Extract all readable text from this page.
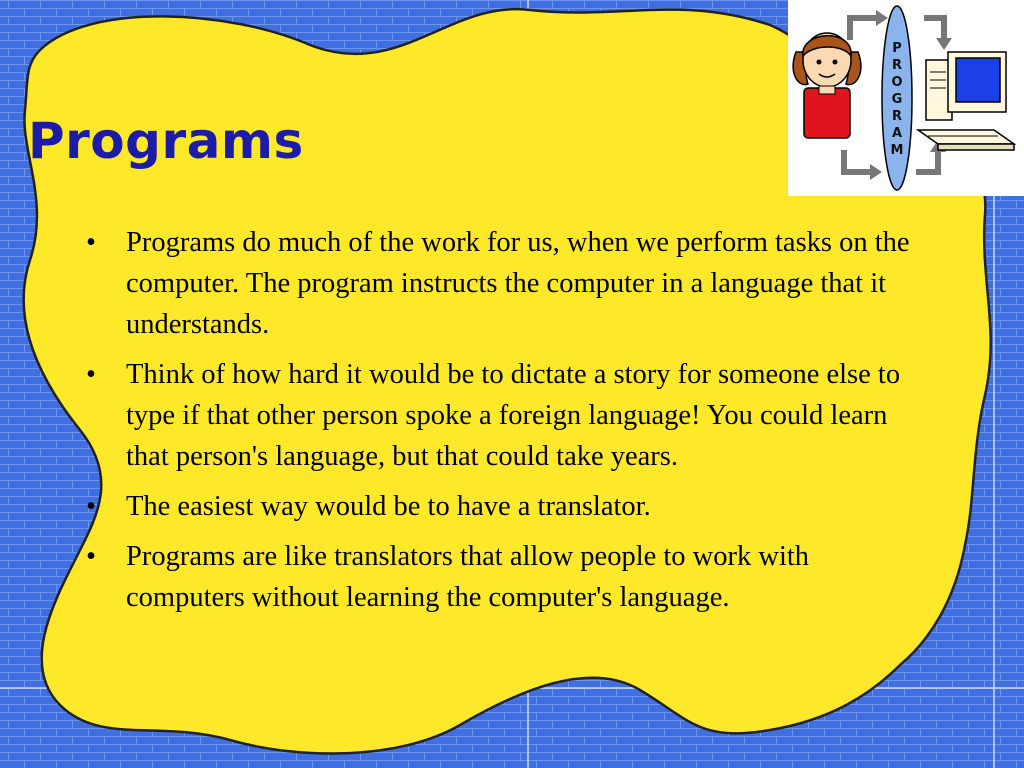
Programs
• Programs do much of the work for us, when we perform tasks on the computer. The program instructs the computer in a language that it understands.
• Think of how hard it would be to dictate a story for someone else to type if that other person spoke a foreign language! You could learn that person's language, but that could take years.
• The easiest way would be to have a translator.
• Programs are like translators that allow people to work with computers without learning the computer's language.
P
R
O
G
R
A
M
